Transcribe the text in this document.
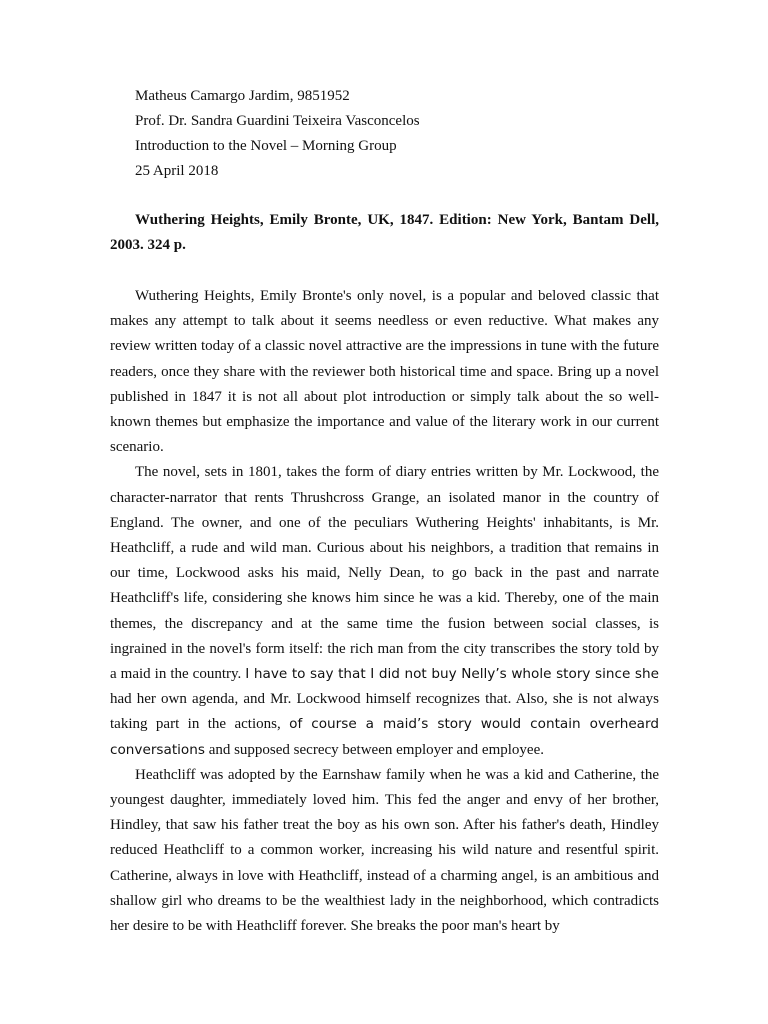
Matheus Camargo Jardim, 9851952
Prof. Dr. Sandra Guardini Teixeira Vasconcelos
Introduction to the Novel – Morning Group
25 April 2018
Wuthering Heights, Emily Bronte, UK, 1847. Edition: New York, Bantam Dell, 2003. 324 p.

Wuthering Heights, Emily Bronte's only novel, is a popular and beloved classic that makes any attempt to talk about it seems needless or even reductive. What makes any review written today of a classic novel attractive are the impressions in tune with the future readers, once they share with the reviewer both historical time and space. Bring up a novel published in 1847 it is not all about plot introduction or simply talk about the so well-known themes but emphasize the importance and value of the literary work in our current scenario.

The novel, sets in 1801, takes the form of diary entries written by Mr. Lockwood, the character-narrator that rents Thrushcross Grange, an isolated manor in the country of England. The owner, and one of the peculiars Wuthering Heights' inhabitants, is Mr. Heathcliff, a rude and wild man. Curious about his neighbors, a tradition that remains in our time, Lockwood asks his maid, Nelly Dean, to go back in the past and narrate Heathcliff's life, considering she knows him since he was a kid. Thereby, one of the main themes, the discrepancy and at the same time the fusion between social classes, is ingrained in the novel's form itself: the rich man from the city transcribes the story told by a maid in the country. I have to say that I did not buy Nelly’s whole story since she had her own agenda, and Mr. Lockwood himself recognizes that. Also, she is not always taking part in the actions, of course a maid’s story would contain overheard conversations and supposed secrecy between employer and employee.

Heathcliff was adopted by the Earnshaw family when he was a kid and Catherine, the youngest daughter, immediately loved him. This fed the anger and envy of her brother, Hindley, that saw his father treat the boy as his own son. After his father's death, Hindley reduced Heathcliff to a common worker, increasing his wild nature and resentful spirit. Catherine, always in love with Heathcliff, instead of a charming angel, is an ambitious and shallow girl who dreams to be the wealthiest lady in the neighborhood, which contradicts her desire to be with Heathcliff forever. She breaks the poor man's heart by
